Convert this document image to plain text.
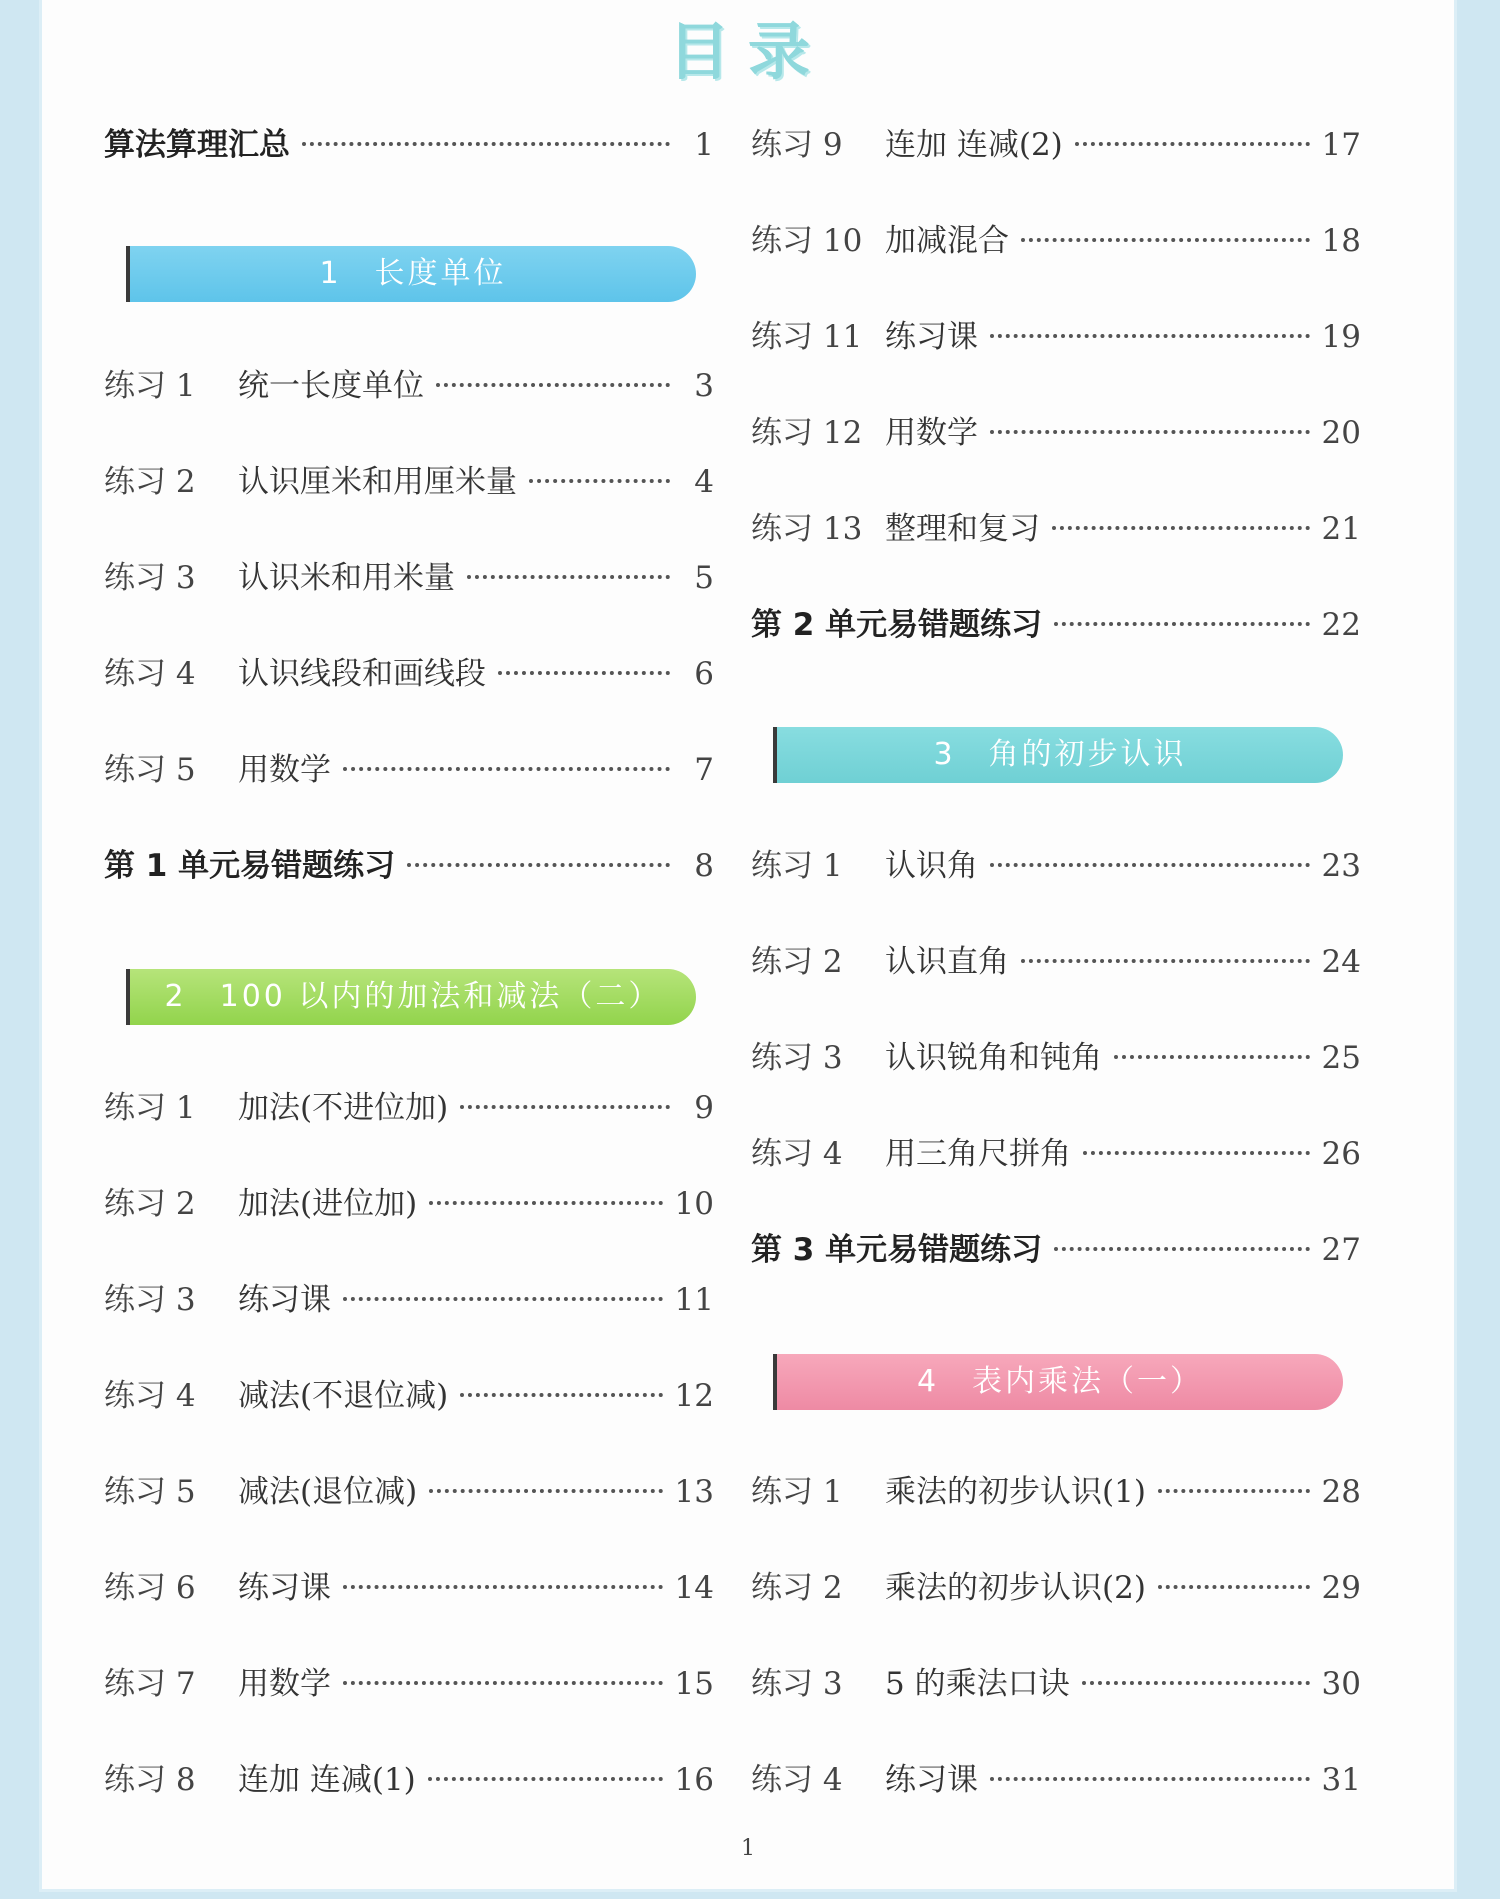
目录
算法算理汇总	1
1　长度单位
练习 1	统一长度单位	3
练习 2	认识厘米和用厘米量	4
练习 3	认识米和用米量	5
练习 4	认识线段和画线段	6
练习 5	用数学	7
第 1 单元易错题练习	8
2　100 以内的加法和减法（二）
练习 1	加法(不进位加)	9
练习 2	加法(进位加)	10
练习 3	练习课	11
练习 4	减法(不退位减)	12
练习 5	减法(退位减)	13
练习 6	练习课	14
练习 7	用数学	15
练习 8	连加 连减(1)	16
练习 9	连加 连减(2)	17
练习 10 加减混合	18
练习 11 练习课	19
练习 12 用数学	20
练习 13 整理和复习	21
第 2 单元易错题练习	22
3　角的初步认识
练习 1	认识角	23
练习 2	认识直角	24
练习 3	认识锐角和钝角	25
练习 4	用三角尺拼角	26
第 3 单元易错题练习	27
4　表内乘法（一）
练习 1	乘法的初步认识(1)	28
练习 2	乘法的初步认识(2)	29
练习 3	5 的乘法口诀	30
练习 4	练习课	31
1
